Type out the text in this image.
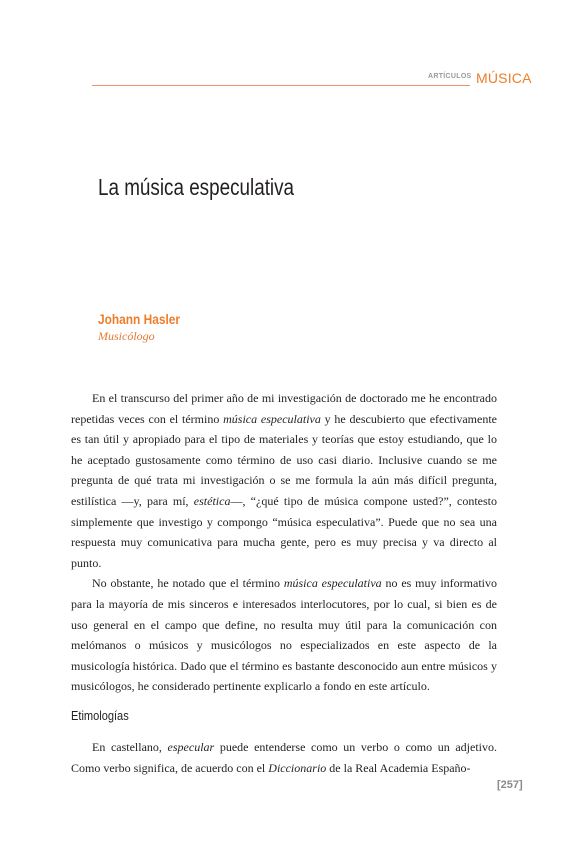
ARTÍCULOS MÚSICA
La música especulativa
Johann Hasler
Musicólogo

En el transcurso del primer año de mi investigación de doctorado me he encontrado repetidas veces con el término música especulativa y he descubierto que efectivamente es tan útil y apropiado para el tipo de materiales y teorías que estoy estudiando, que lo he aceptado gustosamente como término de uso casi diario. Inclusive cuando se me pregunta de qué trata mi investigación o se me formula la aún más difícil pregunta, estilística —y, para mí, estética—, “¿qué tipo de música compone usted?”, contesto simplemente que investigo y compongo “música especulativa”. Puede que no sea una respuesta muy comunicativa para mucha gente, pero es muy precisa y va directo al punto.

No obstante, he notado que el término música especulativa no es muy informativo para la mayoría de mis sinceros e interesados interlocutores, por lo cual, si bien es de uso general en el campo que define, no resulta muy útil para la comunicación con melómanos o músicos y musicólogos no especializados en este aspecto de la musicología histórica. Dado que el término es bastante desconocido aun entre músicos y musicólogos, he considerado pertinente explicarlo a fondo en este artículo.

Etimologías

En castellano, especular puede entenderse como un verbo o como un adjetivo. Como verbo significa, de acuerdo con el Diccionario de la Real Academia Españo-

[257]
